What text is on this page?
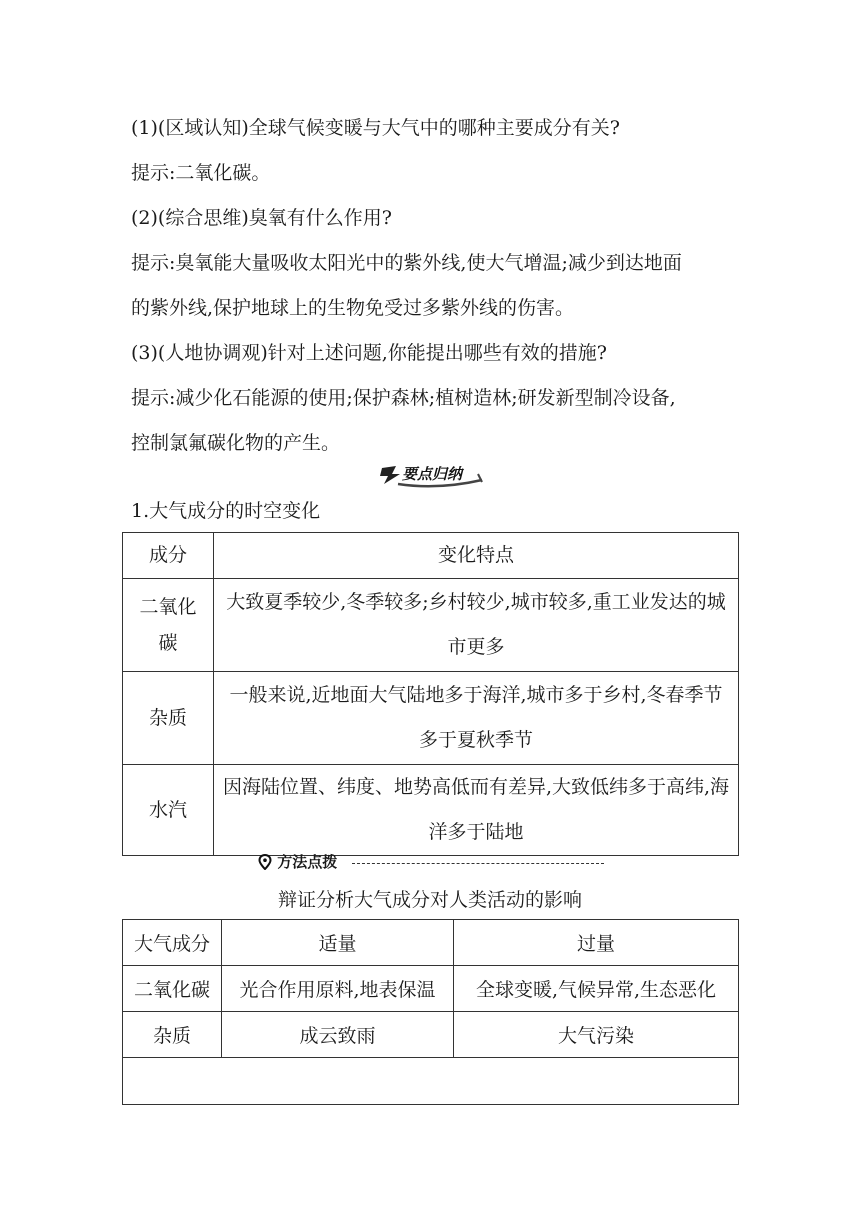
(1)(区域认知)全球气候变暖与大气中的哪种主要成分有关?
提示:二氧化碳。
(2)(综合思维)臭氧有什么作用?
提示:臭氧能大量吸收太阳光中的紫外线,使大气增温;减少到达地面
的紫外线,保护地球上的生物免受过多紫外线的伤害。
(3)(人地协调观)针对上述问题,你能提出哪些有效的措施?
提示:减少化石能源的使用;保护森林;植树造林;研发新型制冷设备,
控制氯氟碳化物的产生。
要点归纳
1.大气成分的时空变化
成分	变化特点
二氧化碳	大致夏季较少,冬季较多;乡村较少,城市较多,重工业发达的城市更多
杂质	一般来说,近地面大气陆地多于海洋,城市多于乡村,冬春季节多于夏秋季节
水汽	因海陆位置、纬度、地势高低而有差异,大致低纬多于高纬,海洋多于陆地
方法点拨
辩证分析大气成分对人类活动的影响
大气成分	适量	过量
二氧化碳	光合作用原料,地表保温	全球变暖,气候异常,生态恶化
杂质	成云致雨	大气污染
